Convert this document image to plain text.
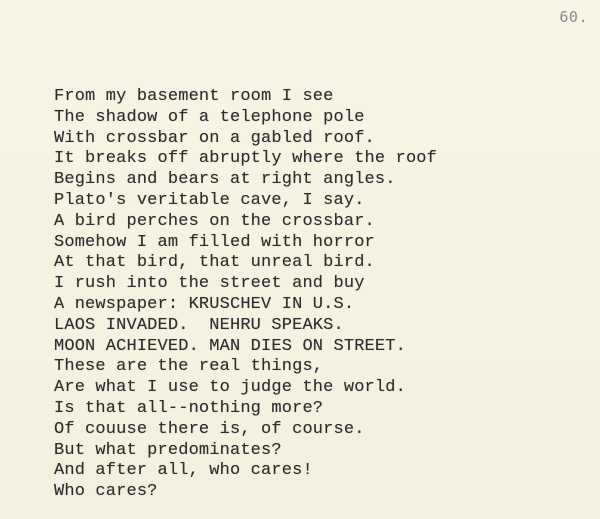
60.
From my basement room I see
The shadow of a telephone pole
With crossbar on a gabled roof.
It breaks off abruptly where the roof
Begins and bears at right angles.
Plato's veritable cave, I say.
A bird perches on the crossbar.
Somehow I am filled with horror
At that bird, that unreal bird.
I rush into the street and buy
A newspaper: KRUSCHEV IN U.S.
LAOS INVADED.  NEHRU SPEAKS.
MOON ACHIEVED. MAN DIES ON STREET.
These are the real things,
Are what I use to judge the world.
Is that all--nothing more?
Of couuse there is, of course.
But what predominates?
And after all, who cares!
Who cares?
